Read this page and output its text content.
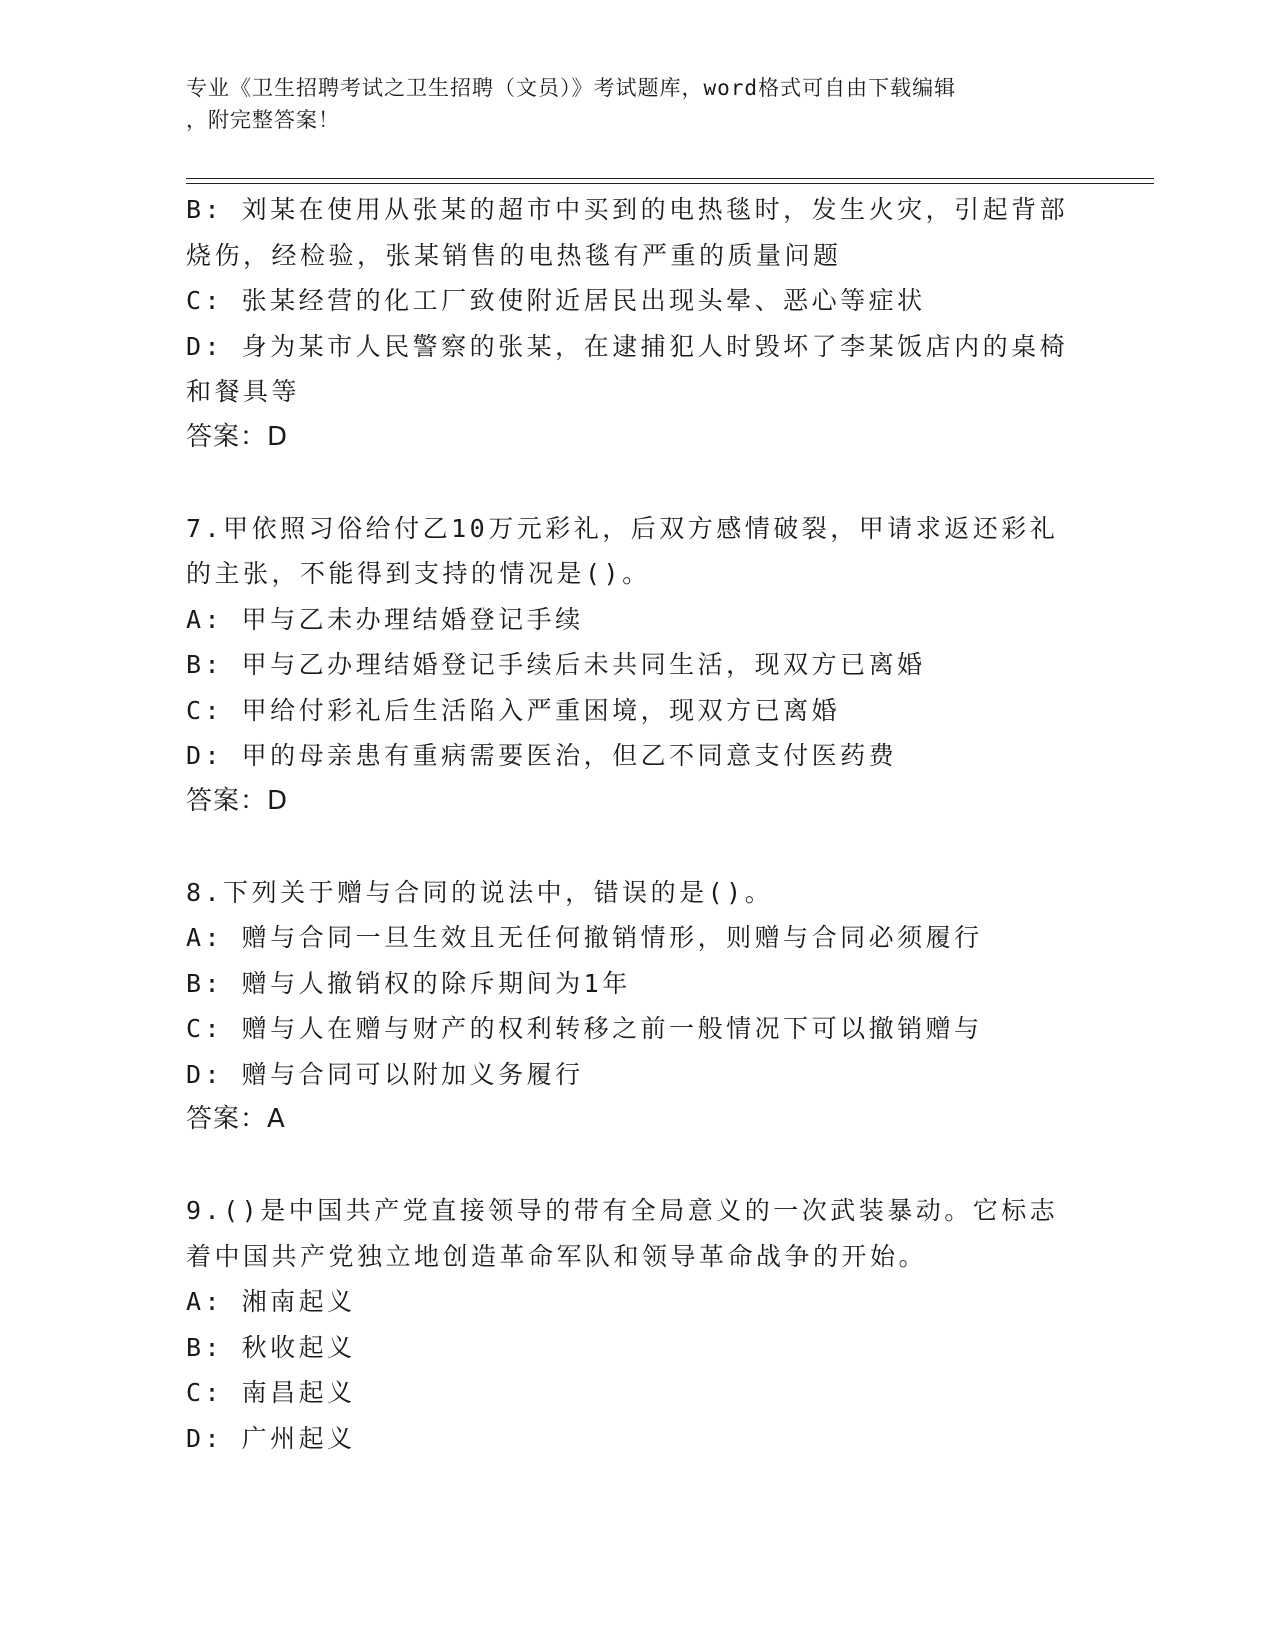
专业《卫生招聘考试之卫生招聘（文员）》考试题库，word格式可自由下载编辑
，附完整答案！
B: 刘某在使用从张某的超市中买到的电热毯时，发生火灾，引起背部
烧伤，经检验，张某销售的电热毯有严重的质量问题
C: 张某经营的化工厂致使附近居民出现头晕、恶心等症状
D: 身为某市人民警察的张某，在逮捕犯人时毁坏了李某饭店内的桌椅
和餐具等
答案：D
7.甲依照习俗给付乙10万元彩礼，后双方感情破裂，甲请求返还彩礼
的主张，不能得到支持的情况是()。
A: 甲与乙未办理结婚登记手续
B: 甲与乙办理结婚登记手续后未共同生活，现双方已离婚
C: 甲给付彩礼后生活陷入严重困境，现双方已离婚
D: 甲的母亲患有重病需要医治，但乙不同意支付医药费
答案：D
8.下列关于赠与合同的说法中，错误的是()。
A: 赠与合同一旦生效且无任何撤销情形，则赠与合同必须履行
B: 赠与人撤销权的除斥期间为1年
C: 赠与人在赠与财产的权利转移之前一般情况下可以撤销赠与
D: 赠与合同可以附加义务履行
答案：A
9.()是中国共产党直接领导的带有全局意义的一次武装暴动。它标志
着中国共产党独立地创造革命军队和领导革命战争的开始。
A: 湘南起义
B: 秋收起义
C: 南昌起义
D: 广州起义
